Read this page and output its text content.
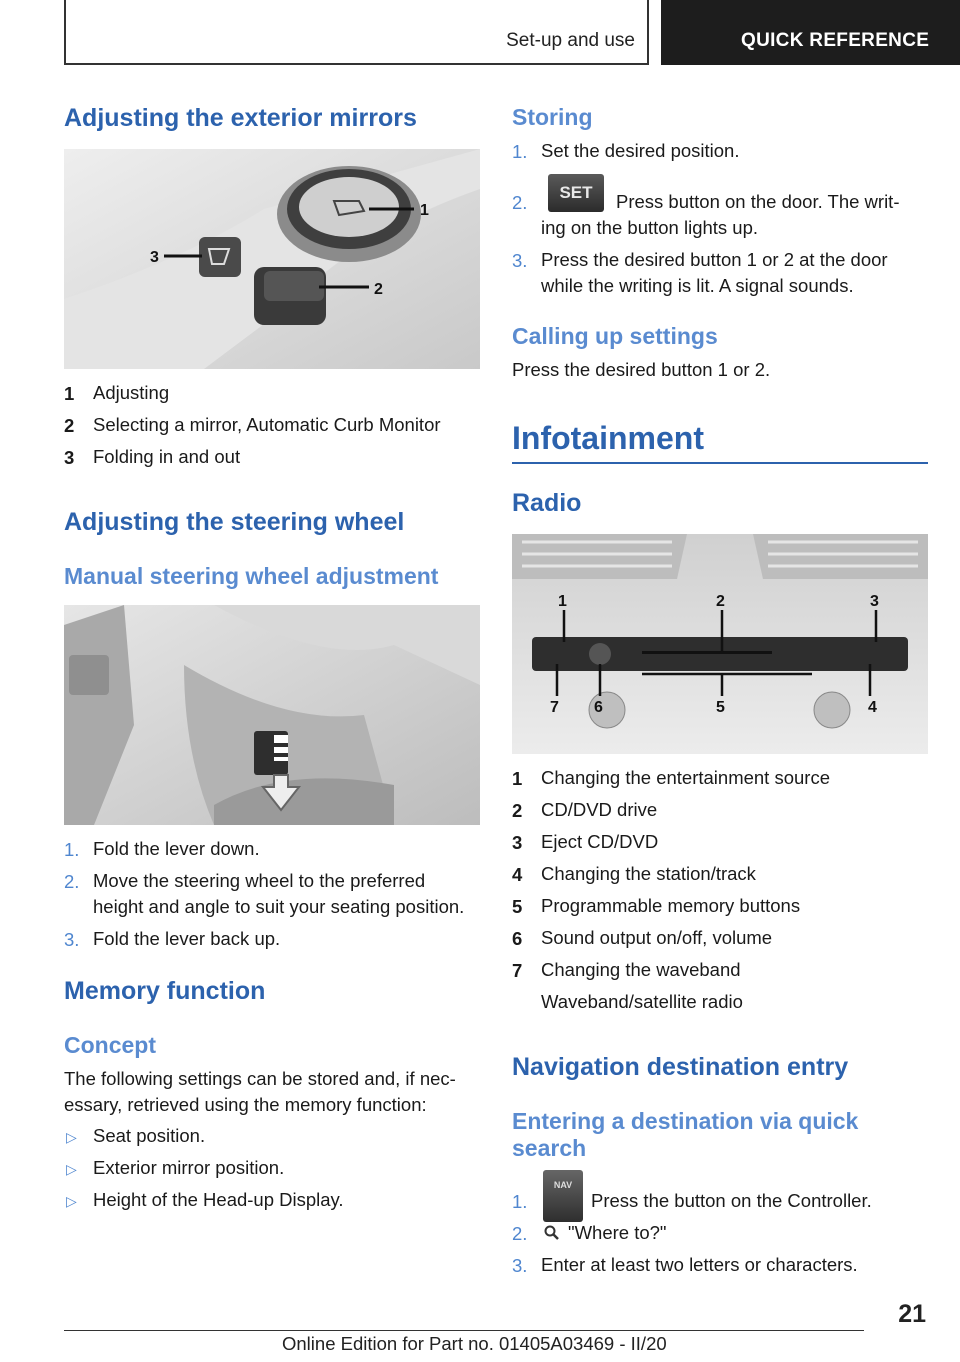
Set-up and use	QUICK REFERENCE
Adjusting the exterior mirrors
1
2
3
1 Adjusting
2 Selecting a mirror, Automatic Curb Monitor
3 Folding in and out
Adjusting the steering wheel
Manual steering wheel adjustment
1. Fold the lever down.
2. Move the steering wheel to the preferred
height and angle to suit your seating position.
3. Fold the lever back up.
Memory function
Concept
The following settings can be stored and, if nec-
essary, retrieved using the memory function:
▷ Seat position.
▷ Exterior mirror position.
▷ Height of the Head-up Display.
Storing
1. Set the desired position.
2.	SET	Press button on the door. The writ-
ing on the button lights up.
3. Press the desired button 1 or 2 at the door
while the writing is lit. A signal sounds.
Calling up settings
Press the desired button 1 or 2.
Infotainment
Radio
1	2	3
4
5
6
7
1 Changing the entertainment source
2 CD/DVD drive
3 Eject CD/DVD
4 Changing the station/track
5 Programmable memory buttons
6 Sound output on/off, volume
7 Changing the waveband
Waveband/satellite radio
Navigation destination entry
Entering a destination via quick
search
1.
NAV
Press the button on the Controller.
2. "Where to?"
3. Enter at least two letters or characters.
21
Online Edition for Part no. 01405A03469 - II/20
